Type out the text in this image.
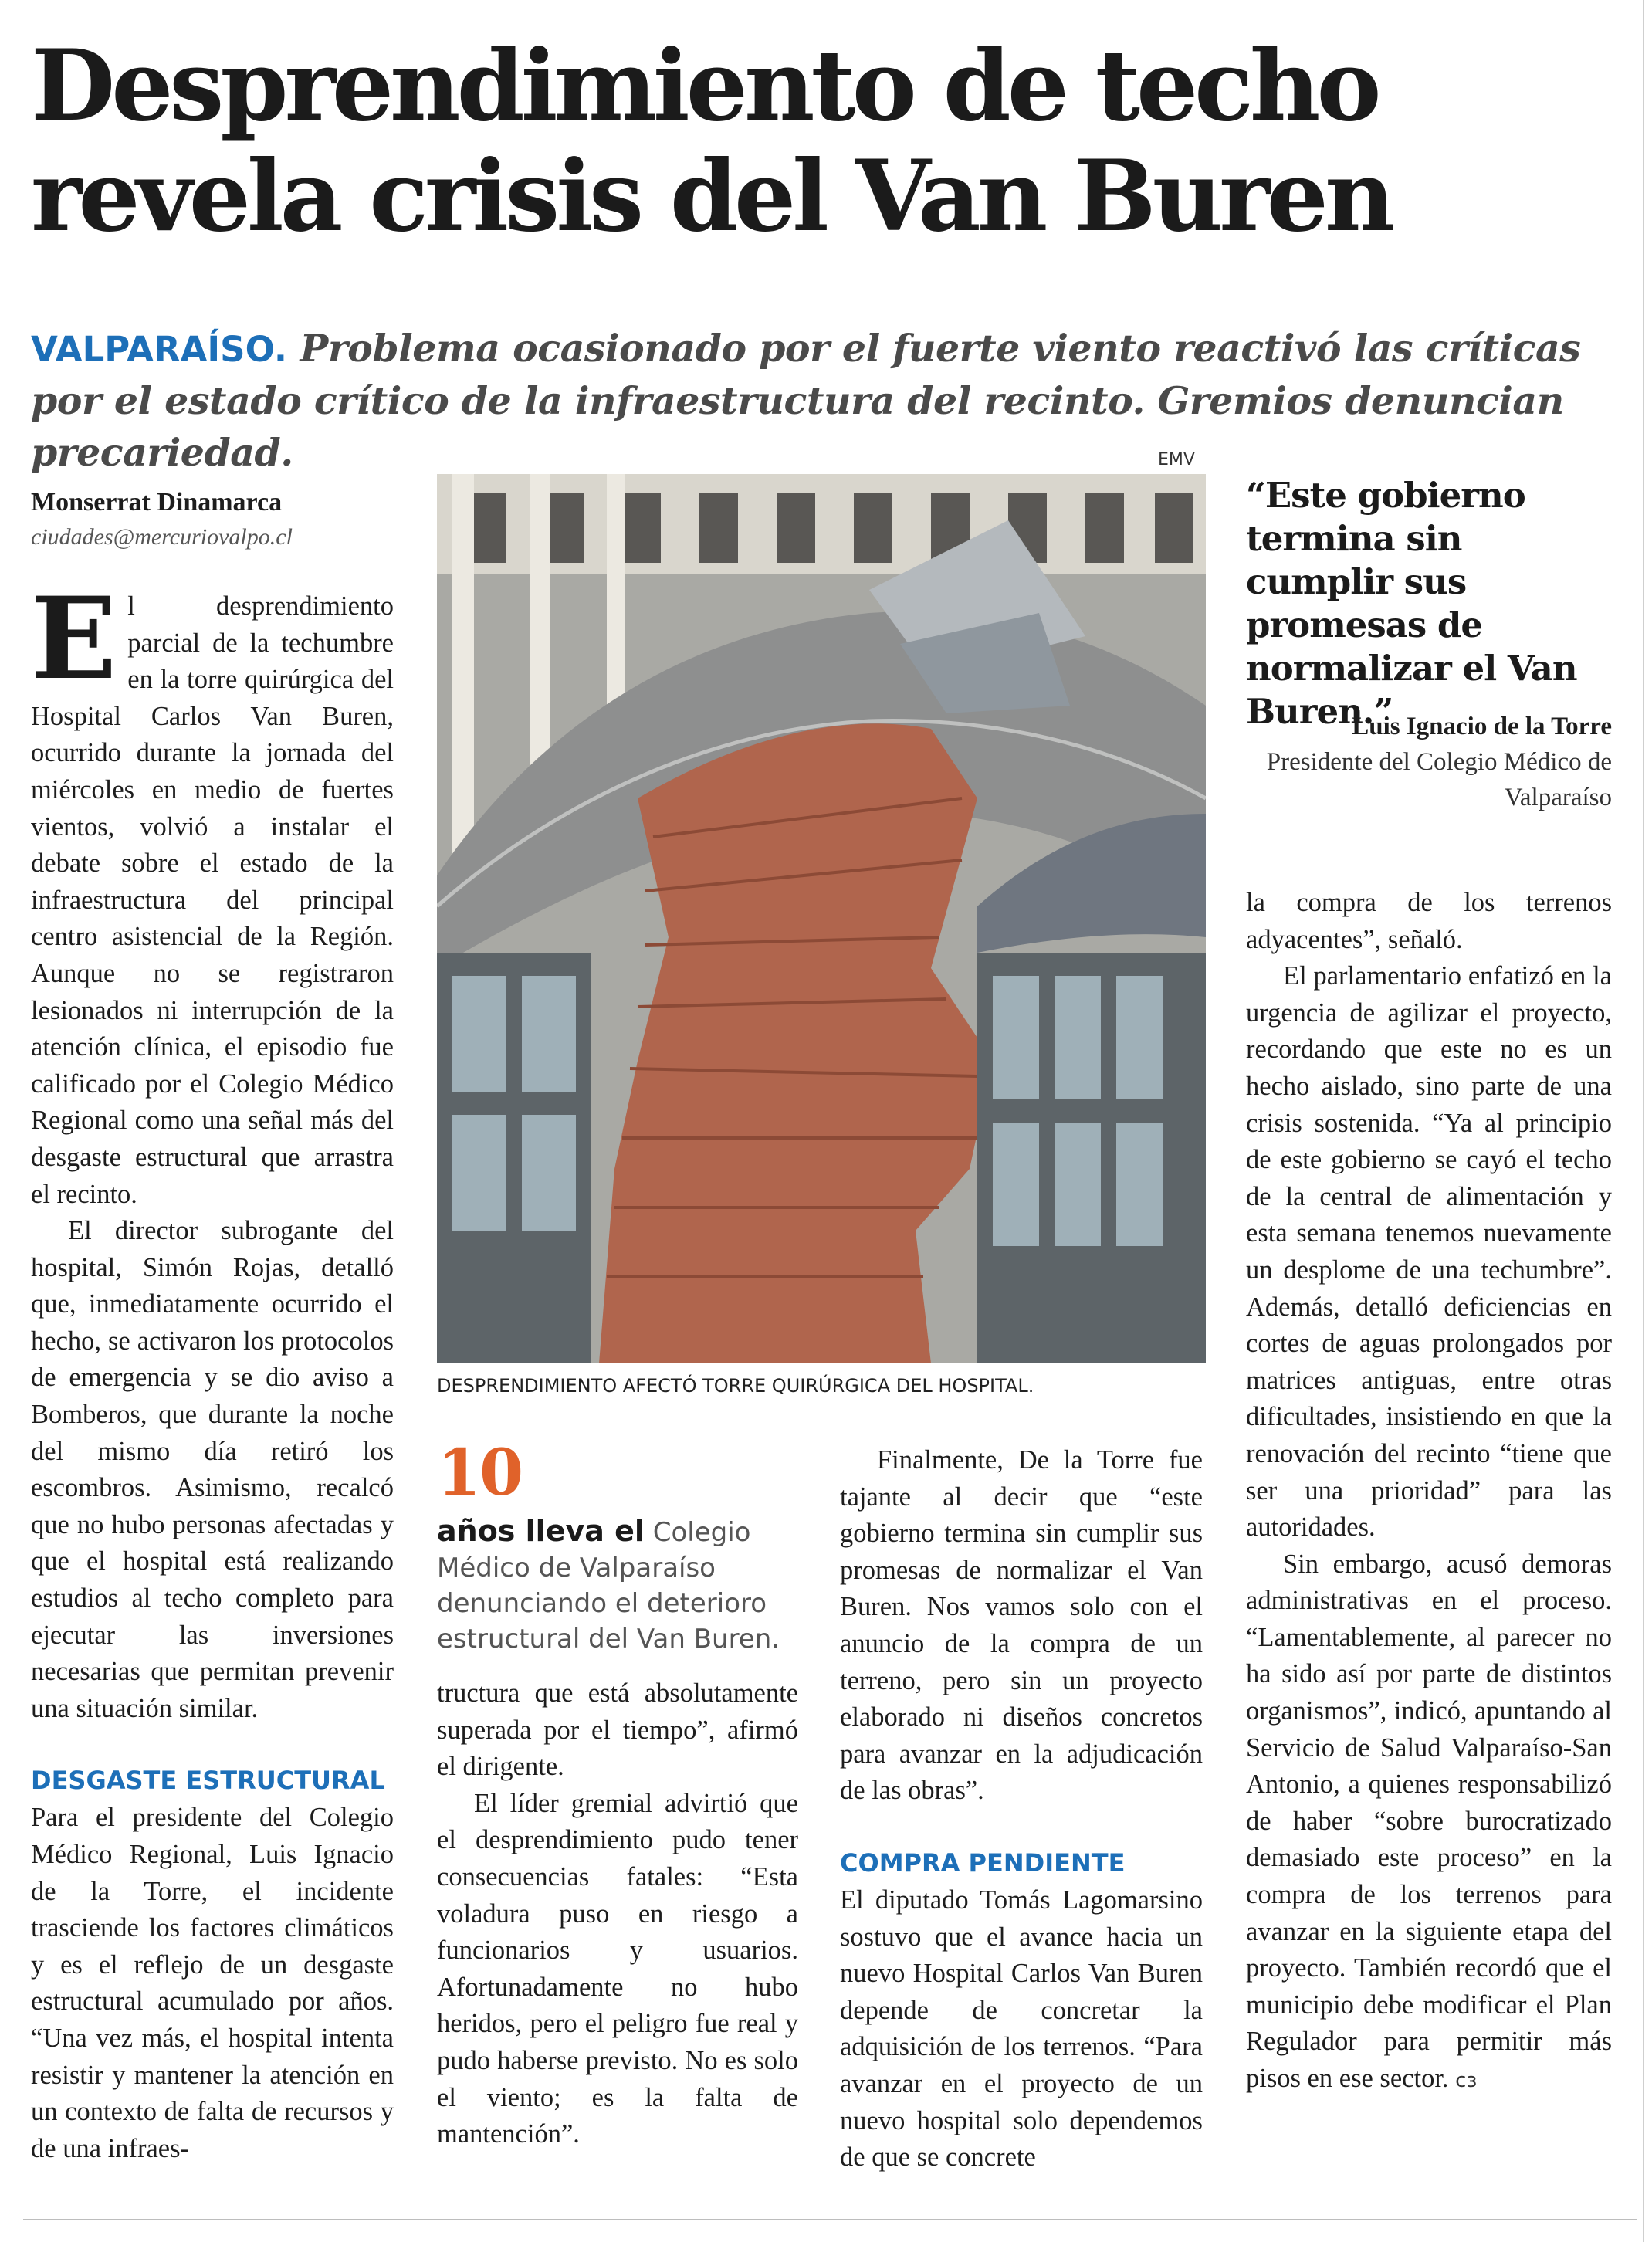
Desprendimiento de techo revela crisis del Van Buren

VALPARAÍSO. Problema ocasionado por el fuerte viento reactivó las críticas por el estado crítico de la infraestructura del recinto. Gremios denuncian precariedad.

Monserrat Dinamarca
ciudades@mercuriovalpo.cl

El desprendimiento parcial de la techumbre en la torre quirúrgica del Hospital Carlos Van Buren, ocurrido durante la jornada del miércoles en medio de fuertes vientos, volvió a instalar el debate sobre el estado de la infraestructura del principal centro asistencial de la Región. Aunque no se registraron lesionados ni interrupción de la atención clínica, el episodio fue calificado por el Colegio Médico Regional como una señal más del desgaste estructural que arrastra el recinto.

El director subrogante del hospital, Simón Rojas, detalló que, inmediatamente ocurrido el hecho, se activaron los protocolos de emergencia y se dio aviso a Bomberos, que durante la noche del mismo día retiró los escombros. Asimismo, recalcó que no hubo personas afectadas y que el hospital está realizando estudios al techo completo para ejecutar las inversiones necesarias que permitan prevenir una situación similar.

DESGASTE ESTRUCTURAL

Para el presidente del Colegio Médico Regional, Luis Ignacio de la Torre, el incidente trasciende los factores climáticos y es el reflejo de un desgaste estructural acumulado por años. “Una vez más, el hospital intenta resistir y mantener la atención en un contexto de falta de recursos y de una infraes-

EMV
DESPRENDIMIENTO AFECTÓ TORRE QUIRÚRGICA DEL HOSPITAL.
10
años lleva el Colegio Médico de Valparaíso denunciando el deterioro estructural del Van Buren.

tructura que está absolutamente superada por el tiempo”, afirmó el dirigente.

El líder gremial advirtió que el desprendimiento pudo tener consecuencias fatales: “Esta voladura puso en riesgo a funcionarios y usuarios. Afortunadamente no hubo heridos, pero el peligro fue real y pudo haberse previsto. No es solo el viento; es la falta de mantención”.

Finalmente, De la Torre fue tajante al decir que “este gobierno termina sin cumplir sus promesas de normalizar el Van Buren. Nos vamos solo con el anuncio de la compra de un terreno, pero sin un proyecto elaborado ni diseños concretos para avanzar en la adjudicación de las obras”.

COMPRA PENDIENTE

El diputado Tomás Lagomarsino sostuvo que el avance hacia un nuevo Hospital Carlos Van Buren depende de concretar la adquisición de los terrenos. “Para avanzar en el proyecto de un nuevo hospital solo dependemos de que se concrete

“Este gobierno termina sin cumplir sus promesas de normalizar el Van Buren.”
Luis Ignacio de la Torre
Presidente del Colegio Médico de Valparaíso

la compra de los terrenos adyacentes”, señaló.

El parlamentario enfatizó en la urgencia de agilizar el proyecto, recordando que este no es un hecho aislado, sino parte de una crisis sostenida. “Ya al principio de este gobierno se cayó el techo de la central de alimentación y esta semana tenemos nuevamente un desplome de una techumbre”. Además, detalló deficiencias en cortes de aguas prolongados por matrices antiguas, entre otras dificultades, insistiendo en que la renovación del recinto “tiene que ser una prioridad” para las autoridades.

Sin embargo, acusó demoras administrativas en el proceso. “Lamentablemente, al parecer no ha sido así por parte de distintos organismos”, indicó, apuntando al Servicio de Salud Valparaíso-San Antonio, a quienes responsabilizó de haber “sobre burocratizado demasiado este proceso” en la compra de los terrenos para avanzar en la siguiente etapa del proyecto. También recordó que el municipio debe modificar el Plan Regulador para permitir más pisos en ese sector. cɜ
